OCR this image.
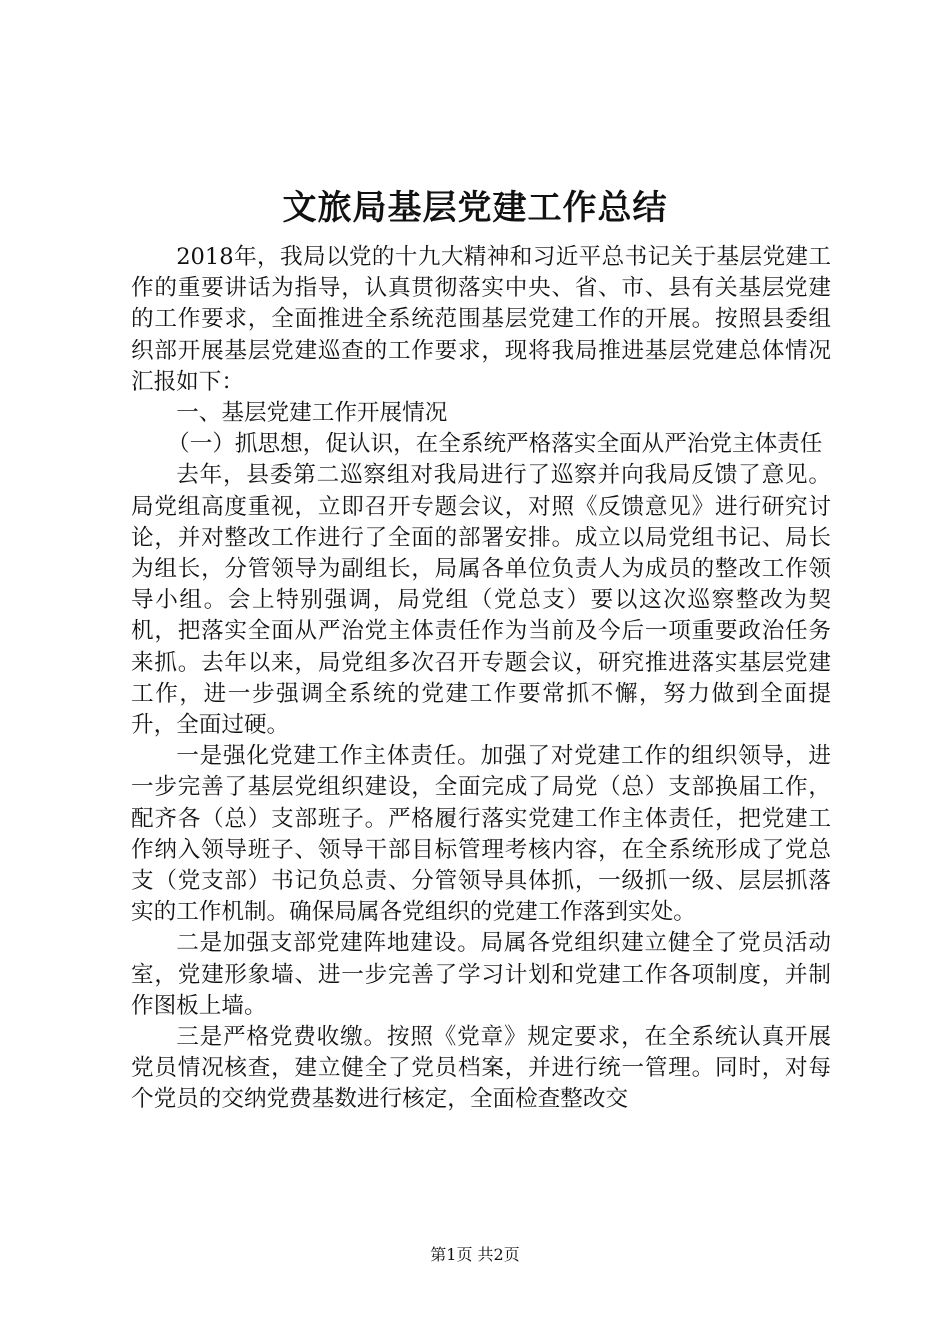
文旅局基层党建工作总结

2018年，我局以党的十九大精神和习近平总书记关于基层党建工作的重要讲话为指导，认真贯彻落实中央、省、市、县有关基层党建的工作要求，全面推进全系统范围基层党建工作的开展。按照县委组织部开展基层党建巡查的工作要求，现将我局推进基层党建总体情况汇报如下：

一、基层党建工作开展情况

（一）抓思想，促认识，在全系统严格落实全面从严治党主体责任

去年，县委第二巡察组对我局进行了巡察并向我局反馈了意见。局党组高度重视，立即召开专题会议，对照《反馈意见》进行研究讨论，并对整改工作进行了全面的部署安排。成立以局党组书记、局长为组长，分管领导为副组长，局属各单位负责人为成员的整改工作领导小组。会上特别强调，局党组（党总支）要以这次巡察整改为契机，把落实全面从严治党主体责任作为当前及今后一项重要政治任务来抓。去年以来，局党组多次召开专题会议，研究推进落实基层党建工作，进一步强调全系统的党建工作要常抓不懈，努力做到全面提升，全面过硬。

一是强化党建工作主体责任。加强了对党建工作的组织领导，进一步完善了基层党组织建设，全面完成了局党（总）支部换届工作，配齐各（总）支部班子。严格履行落实党建工作主体责任，把党建工作纳入领导班子、领导干部目标管理考核内容，在全系统形成了党总支（党支部）书记负总责、分管领导具体抓，一级抓一级、层层抓落实的工作机制。确保局属各党组织的党建工作落到实处。

二是加强支部党建阵地建设。局属各党组织建立健全了党员活动室，党建形象墙、进一步完善了学习计划和党建工作各项制度，并制作图板上墙。

三是严格党费收缴。按照《党章》规定要求，在全系统认真开展党员情况核查，建立健全了党员档案，并进行统一管理。同时，对每个党员的交纳党费基数进行核定，全面检查整改交

第1页 共2页
